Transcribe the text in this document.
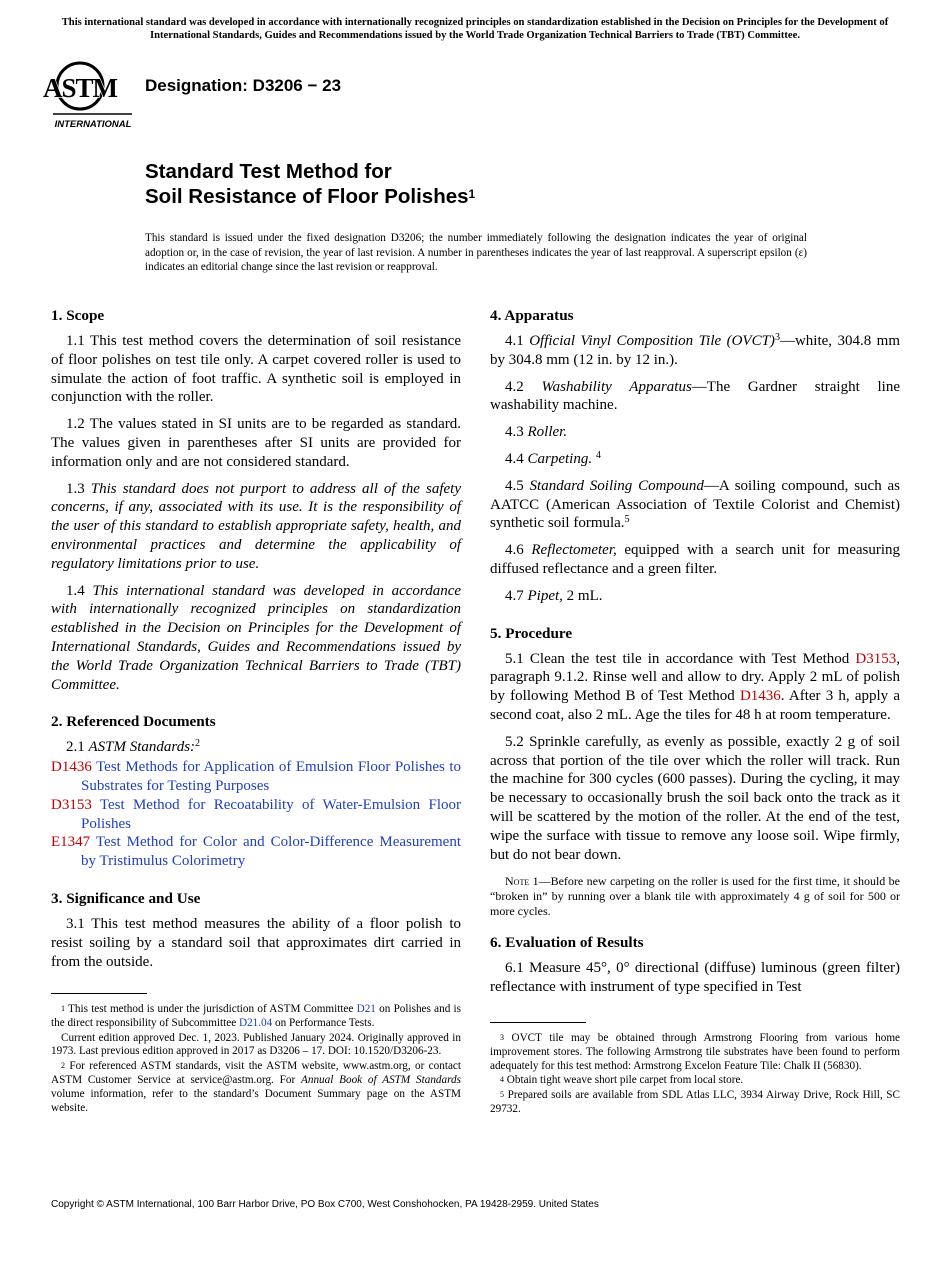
This international standard was developed in accordance with internationally recognized principles on standardization established in the Decision on Principles for the Development of International Standards, Guides and Recommendations issued by the World Trade Organization Technical Barriers to Trade (TBT) Committee.
ASTM
INTERNATIONAL
Designation: D3206 − 23
Standard Test Method for
Soil Resistance of Floor Polishes$^1$
This standard is issued under the fixed designation D3206; the number immediately following the designation indicates the year of original adoption or, in the case of revision, the year of last revision. A number in parentheses indicates the year of last reapproval. A superscript epsilon (ε) indicates an editorial change since the last revision or reapproval.

1. Scope

1.1 This test method covers the determination of soil resistance of floor polishes on test tile only. A carpet covered roller is used to simulate the action of foot traffic. A synthetic soil is employed in conjunction with the roller.

1.2 The values stated in SI units are to be regarded as standard. The values given in parentheses after SI units are provided for information only and are not considered standard.

1.3 This standard does not purport to address all of the safety concerns, if any, associated with its use. It is the responsibility of the user of this standard to establish appropriate safety, health, and environmental practices and determine the applicability of regulatory limitations prior to use.

1.4 This international standard was developed in accordance with internationally recognized principles on standardization established in the Decision on Principles for the Development of International Standards, Guides and Recommendations issued by the World Trade Organization Technical Barriers to Trade (TBT) Committee.

2. Referenced Documents

2.1 ASTM Standards:$^2$

D1436 Test Methods for Application of Emulsion Floor Polishes to Substrates for Testing Purposes

D3153 Test Method for Recoatability of Water-Emulsion Floor Polishes

E1347 Test Method for Color and Color-Difference Measurement by Tristimulus Colorimetry

3. Significance and Use

3.1 This test method measures the ability of a floor polish to resist soiling by a standard soil that approximates dirt carried in from the outside.

4. Apparatus

4.1 Official Vinyl Composition Tile (OVCT)$^3$—white, 304.8 mm by 304.8 mm (12 in. by 12 in.).

4.2 Washability Apparatus—The Gardner straight line washability machine.

4.3 Roller.

4.4 Carpeting. $^4$

4.5 Standard Soiling Compound—A soiling compound, such as AATCC (American Association of Textile Colorist and Chemist) synthetic soil formula.$^5$

4.6 Reflectometer, equipped with a search unit for measuring diffused reflectance and a green filter.

4.7 Pipet, 2 mL.

5. Procedure

5.1 Clean the test tile in accordance with Test Method D3153, paragraph 9.1.2. Rinse well and allow to dry. Apply 2 mL of polish by following Method B of Test Method D1436. After 3 h, apply a second coat, also 2 mL. Age the tiles for 48 h at room temperature.

5.2 Sprinkle carefully, as evenly as possible, exactly 2 g of soil across that portion of the tile over which the roller will track. Run the machine for 300 cycles (600 passes). During the cycling, it may be necessary to occasionally brush the soil back onto the track as it will be scattered by the motion of the roller. At the end of the test, wipe the surface with tissue to remove any loose soil. Wipe firmly, but do not bear down.

Note 1—Before new carpeting on the roller is used for the first time, it should be “broken in” by running over a blank tile with approximately 4 g of soil for 500 or more cycles.

6. Evaluation of Results

6.1 Measure 45°, 0° directional (diffuse) luminous (green filter) reflectance with instrument of type specified in Test

$^1$ This test method is under the jurisdiction of ASTM Committee D21 on Polishes and is the direct responsibility of Subcommittee D21.04 on Performance Tests.

Current edition approved Dec. 1, 2023. Published January 2024. Originally approved in 1973. Last previous edition approved in 2017 as D3206 – 17. DOI: 10.1520/D3206-23.

$^2$ For referenced ASTM standards, visit the ASTM website, www.astm.org, or contact ASTM Customer Service at service@astm.org. For Annual Book of ASTM Standards volume information, refer to the standard’s Document Summary page on the ASTM website.

$^3$ OVCT tile may be obtained through Armstrong Flooring from various home improvement stores. The following Armstrong tile substrates have been found to perform adequately for this test method: Armstrong Excelon Feature Tile: Chalk II (56830).

$^4$ Obtain tight weave short pile carpet from local store.

$^5$ Prepared soils are available from SDL Atlas LLC, 3934 Airway Drive, Rock Hill, SC 29732.

Copyright © ASTM International, 100 Barr Harbor Drive, PO Box C700, West Conshohocken, PA 19428-2959. United States
